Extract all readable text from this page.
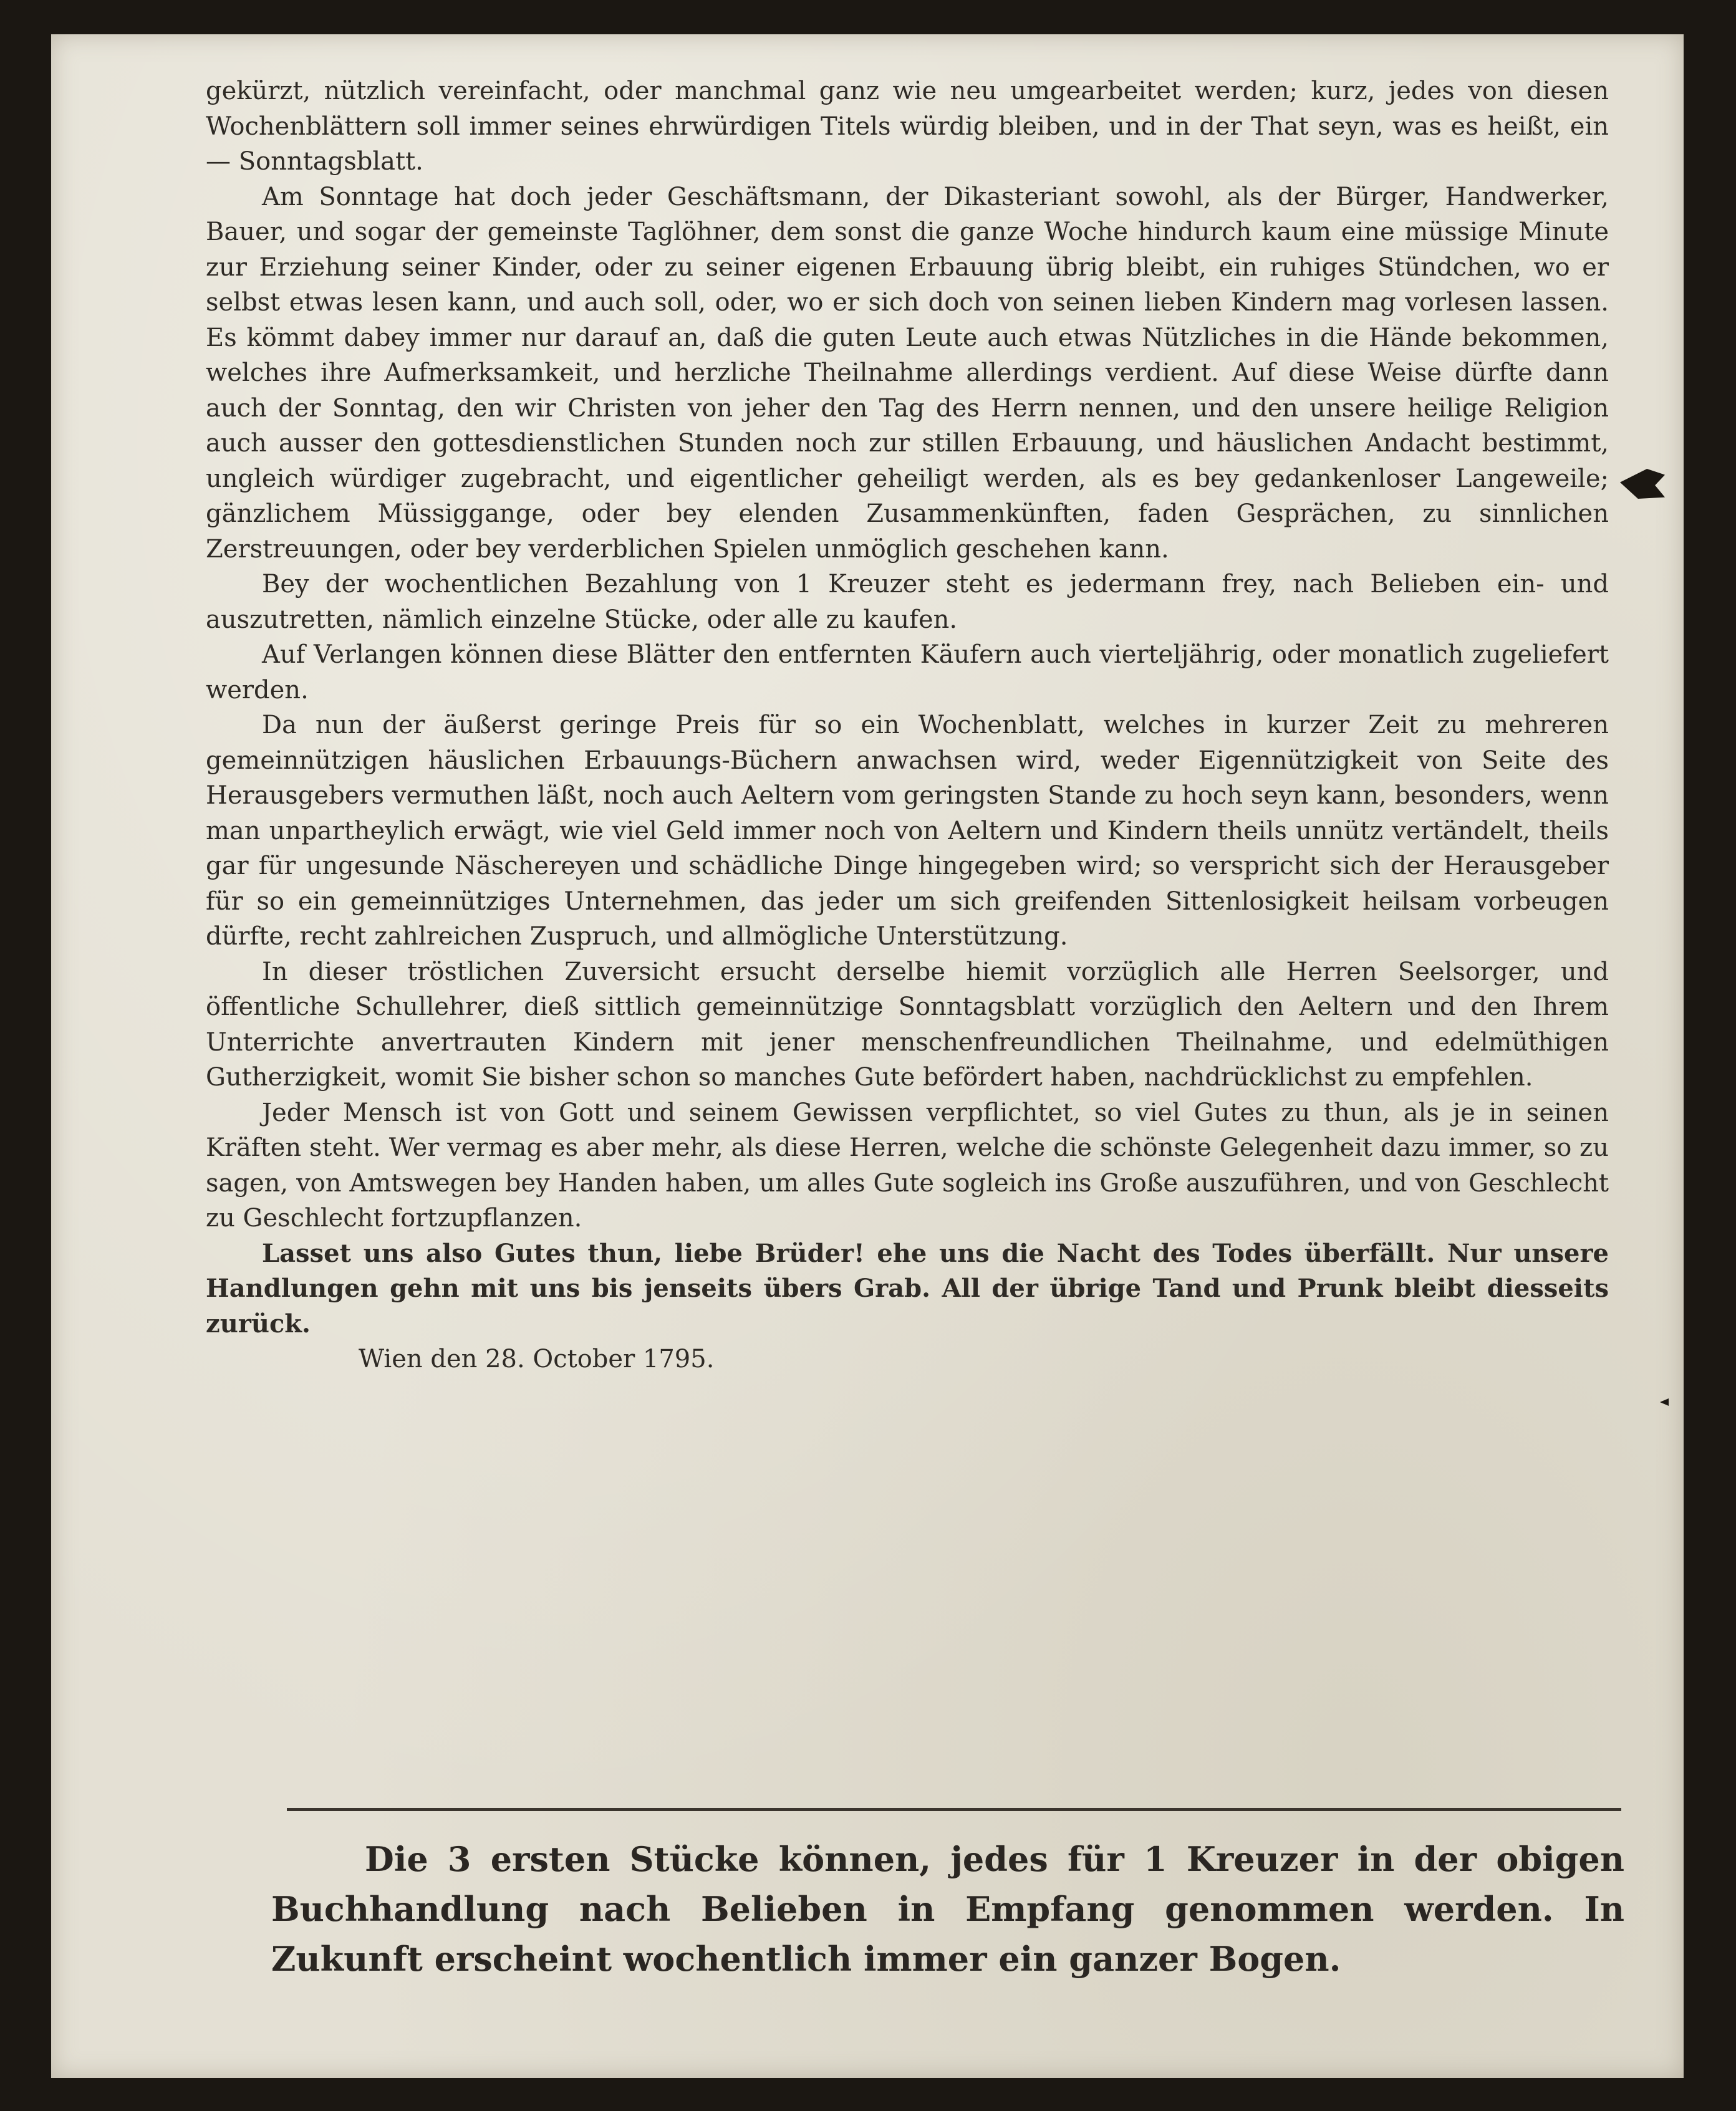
gekürzt, nützlich vereinfacht, oder manchmal ganz wie neu umgearbeitet werden; kurz, jedes von diesen Wochenblättern soll immer seines ehrwürdigen Titels würdig bleiben, und in der That seyn, was es heißt, ein — Sonntagsblatt.

Am Sonntage hat doch jeder Geschäftsmann, der Dikasteriant sowohl, als der Bürger, Handwerker, Bauer, und sogar der gemeinste Taglöhner, dem sonst die ganze Woche hindurch kaum eine müssige Minute zur Erziehung seiner Kinder, oder zu seiner eigenen Erbauung übrig bleibt, ein ruhiges Stündchen, wo er selbst etwas lesen kann, und auch soll, oder, wo er sich doch von seinen lieben Kindern mag vorlesen lassen. Es kömmt dabey immer nur darauf an, daß die guten Leute auch etwas Nützliches in die Hände bekommen, welches ihre Aufmerksamkeit, und herzliche Theilnahme allerdings verdient. Auf diese Weise dürfte dann auch der Sonntag, den wir Christen von jeher den Tag des Herrn nennen, und den unsere heilige Religion auch ausser den gottesdienstlichen Stunden noch zur stillen Erbauung, und häuslichen Andacht bestimmt, ungleich würdiger zugebracht, und eigentlicher geheiligt werden, als es bey gedankenloser Langeweile; gänzlichem Müssiggange, oder bey elenden Zusammenkünften, faden Gesprächen, zu sinnlichen Zerstreuungen, oder bey verderblichen Spielen unmöglich geschehen kann.

Bey der wochentlichen Bezahlung von 1 Kreuzer steht es jedermann frey, nach Belieben ein- und auszutretten, nämlich einzelne Stücke, oder alle zu kaufen.

Auf Verlangen können diese Blätter den entfernten Käufern auch vierteljährig, oder monatlich zugeliefert werden.

Da nun der äußerst geringe Preis für so ein Wochenblatt, welches in kurzer Zeit zu mehreren gemeinnützigen häuslichen Erbauungs-Büchern anwachsen wird, weder Eigennützigkeit von Seite des Herausgebers vermuthen läßt, noch auch Aeltern vom geringsten Stande zu hoch seyn kann, besonders, wenn man unpartheylich erwägt, wie viel Geld immer noch von Aeltern und Kindern theils unnütz vertändelt, theils gar für ungesunde Näschereyen und schädliche Dinge hingegeben wird; so verspricht sich der Herausgeber für so ein gemeinnütziges Unternehmen, das jeder um sich greifenden Sittenlosigkeit heilsam vorbeugen dürfte, recht zahlreichen Zuspruch, und allmögliche Unterstützung.

In dieser tröstlichen Zuversicht ersucht derselbe hiemit vorzüglich alle Herren Seelsorger, und öffentliche Schullehrer, dieß sittlich gemeinnützige Sonntagsblatt vorzüglich den Aeltern und den Ihrem Unterrichte anvertrauten Kindern mit jener menschenfreundlichen Theilnahme, und edelmüthigen Gutherzigkeit, womit Sie bisher schon so manches Gute befördert haben, nachdrücklichst zu empfehlen.

Jeder Mensch ist von Gott und seinem Gewissen verpflichtet, so viel Gutes zu thun, als je in seinen Kräften steht. Wer vermag es aber mehr, als diese Herren, welche die schönste Gelegenheit dazu immer, so zu sagen, von Amtswegen bey Handen haben, um alles Gute sogleich ins Große auszuführen, und von Geschlecht zu Geschlecht fortzupflanzen.

Lasset uns also Gutes thun, liebe Brüder! ehe uns die Nacht des Todes überfällt. Nur unsere Handlungen gehn mit uns bis jenseits übers Grab. All der übrige Tand und Prunk bleibt diesseits zurück.

Wien den 28. October 1795.

Die 3 ersten Stücke können, jedes für 1 Kreuzer in der obigen Buchhandlung nach Belieben in Empfang genommen werden. In Zukunft erscheint wochentlich immer ein ganzer Bogen.
